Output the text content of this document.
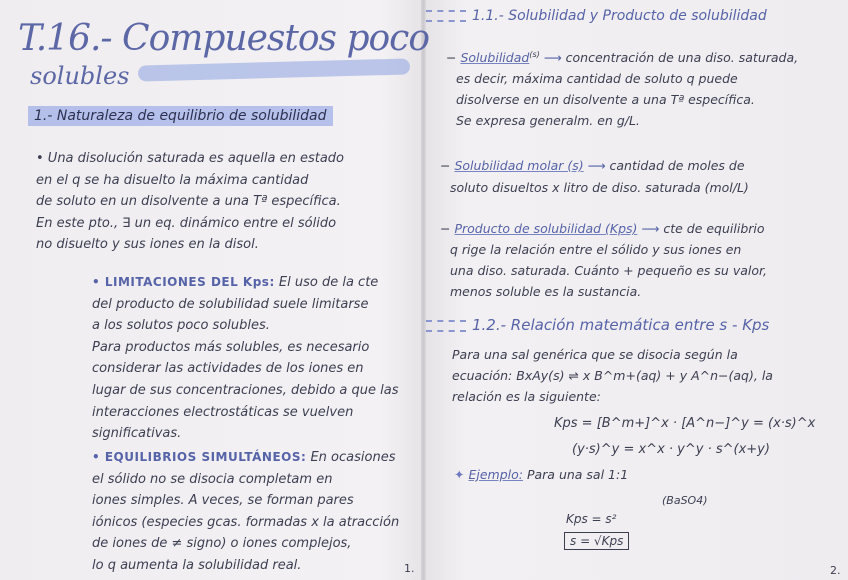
T.16.- Compuestos poco
solubles
1.- Naturaleza de equilibrio de solubilidad
• Una disolución saturada es aquella en estado
en el q se ha disuelto la máxima cantidad
de soluto en un disolvente a una Tª específica.
En este pto., ∃ un eq. dinámico entre el sólido
no disuelto y sus iones en la disol.
• LIMITACIONES DEL Kps: El uso de la cte
del producto de solubilidad suele limitarse
a los solutos poco solubles.
Para productos más solubles, es necesario
considerar las actividades de los iones en
lugar de sus concentraciones, debido a que las
interacciones electrostáticas se vuelven
significativas.
• EQUILIBRIOS SIMULTÁNEOS: En ocasiones
el sólido no se disocia completam en
iones simples. A veces, se forman pares
iónicos (especies gcas. formadas x la atracción
de iones de ≠ signo) o iones complejos,
lo q aumenta la solubilidad real.	1.
1.1.- Solubilidad y Producto de solubilidad
− Solubilidad$^{(s)}$ ⟶ concentración de una diso. saturada,
es decir, máxima cantidad de soluto q puede
disolverse en un disolvente a una Tª específica.
Se expresa generalm. en g/L.
− Solubilidad molar (s) ⟶ cantidad de moles de
soluto disueltos x litro de diso. saturada (mol/L)
− Producto de solubilidad (Kps) ⟶ cte de equilibrio
q rige la relación entre el sólido y sus iones en
una diso. saturada. Cuánto + pequeño es su valor,
menos soluble es la sustancia.
1.2.- Relación matemática entre s - Kps
Para una sal genérica que se disocia según la
ecuación: BxAy(s) ⇌ x B^m+(aq) + y A^n−(aq), la
relación es la siguiente:
Kps = [B^m+]^x · [A^n−]^y = (x·s)^x
(y·s)^y = x^x · y^y · s^(x+y)
✦ Ejemplo: Para una sal 1:1
(BaSO4)
Kps = s²
s = √Kps
2.
